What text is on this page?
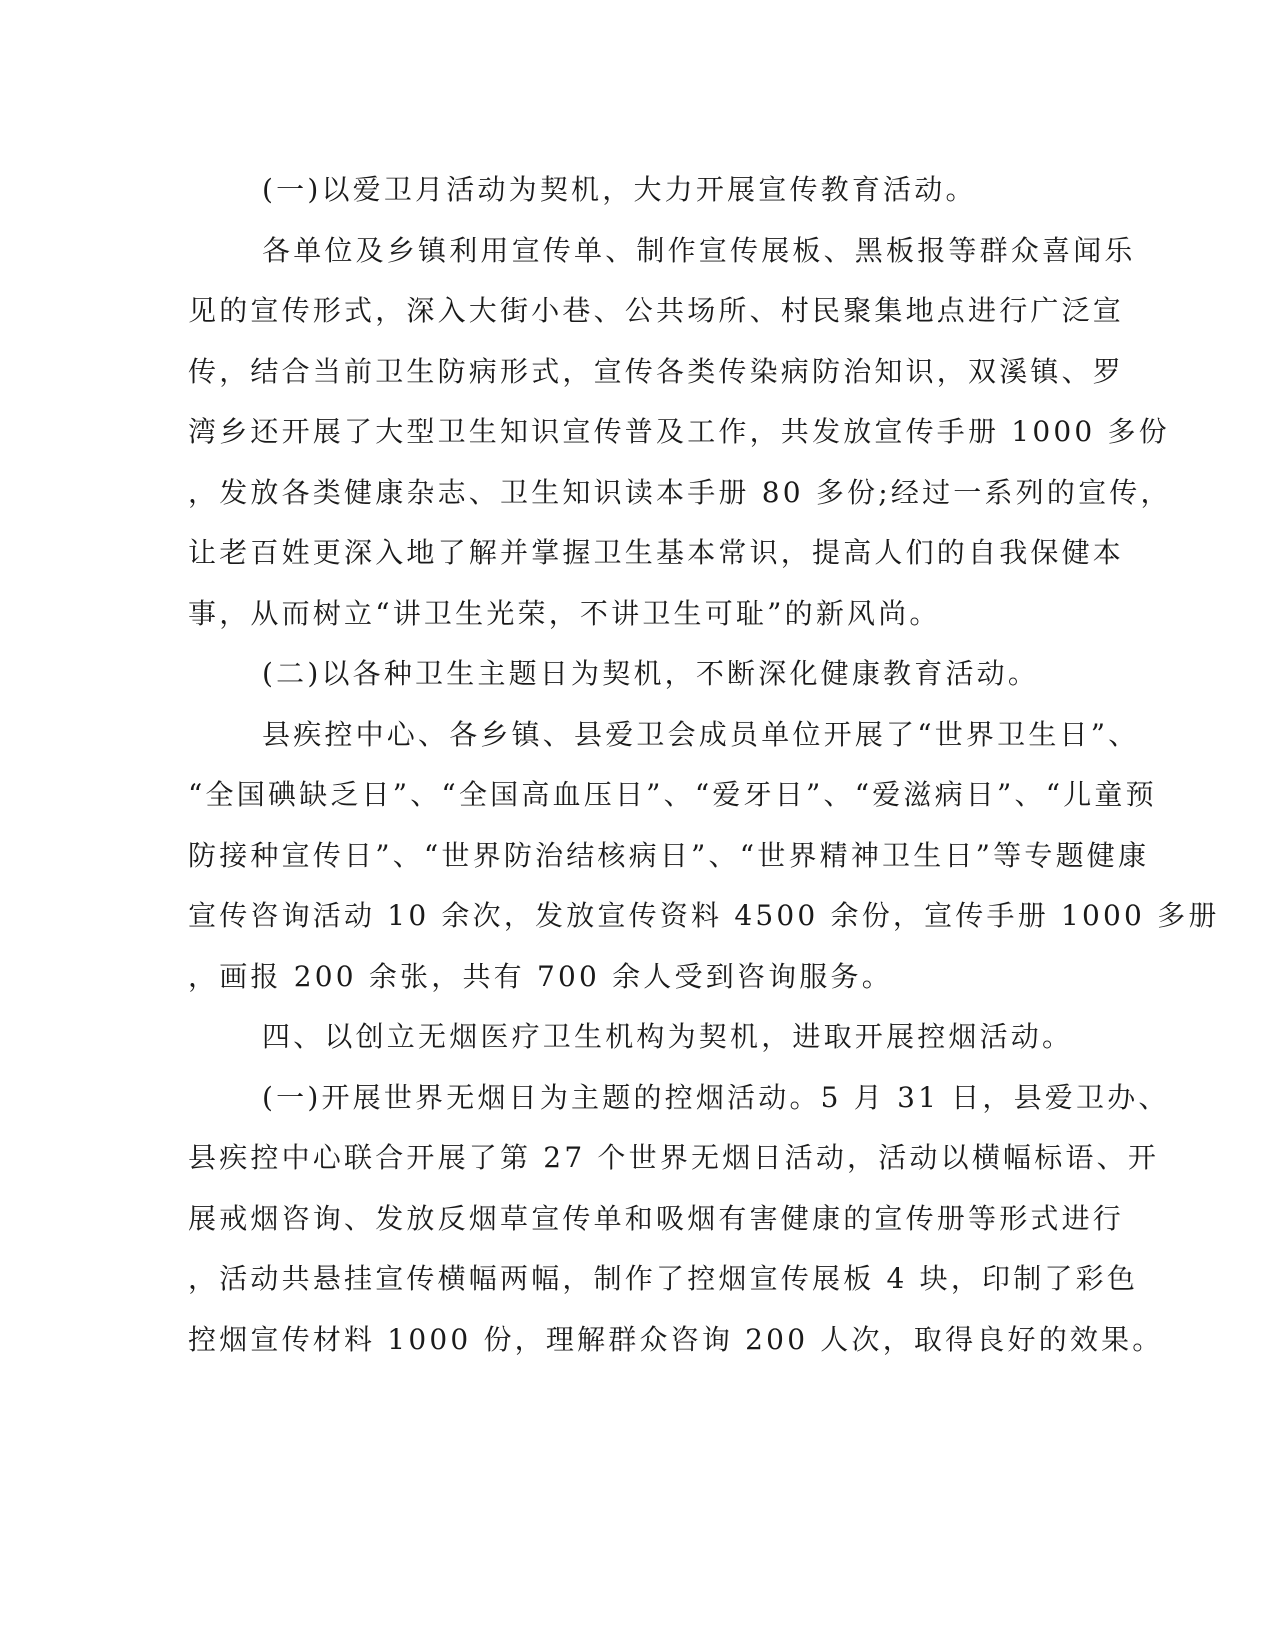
(一)以爱卫月活动为契机，大力开展宣传教育活动。
各单位及乡镇利用宣传单、制作宣传展板、黑板报等群众喜闻乐
见的宣传形式，深入大街小巷、公共场所、村民聚集地点进行广泛宣
传，结合当前卫生防病形式，宣传各类传染病防治知识，双溪镇、罗
湾乡还开展了大型卫生知识宣传普及工作，共发放宣传手册 1000 多份
，发放各类健康杂志、卫生知识读本手册 80 多份;经过一系列的宣传，
让老百姓更深入地了解并掌握卫生基本常识，提高人们的自我保健本
事，从而树立“讲卫生光荣，不讲卫生可耻”的新风尚。
(二)以各种卫生主题日为契机，不断深化健康教育活动。
县疾控中心、各乡镇、县爱卫会成员单位开展了“世界卫生日”、
“全国碘缺乏日”、“全国高血压日”、“爱牙日”、“爱滋病日”、“儿童预
防接种宣传日”、“世界防治结核病日”、“世界精神卫生日”等专题健康
宣传咨询活动 10 余次，发放宣传资料 4500 余份，宣传手册 1000 多册
，画报 200 余张，共有 700 余人受到咨询服务。
四、以创立无烟医疗卫生机构为契机，进取开展控烟活动。
(一)开展世界无烟日为主题的控烟活动。5 月 31 日，县爱卫办、
县疾控中心联合开展了第 27 个世界无烟日活动，活动以横幅标语、开
展戒烟咨询、发放反烟草宣传单和吸烟有害健康的宣传册等形式进行
，活动共悬挂宣传横幅两幅，制作了控烟宣传展板 4 块，印制了彩色
控烟宣传材料 1000 份，理解群众咨询 200 人次，取得良好的效果。
